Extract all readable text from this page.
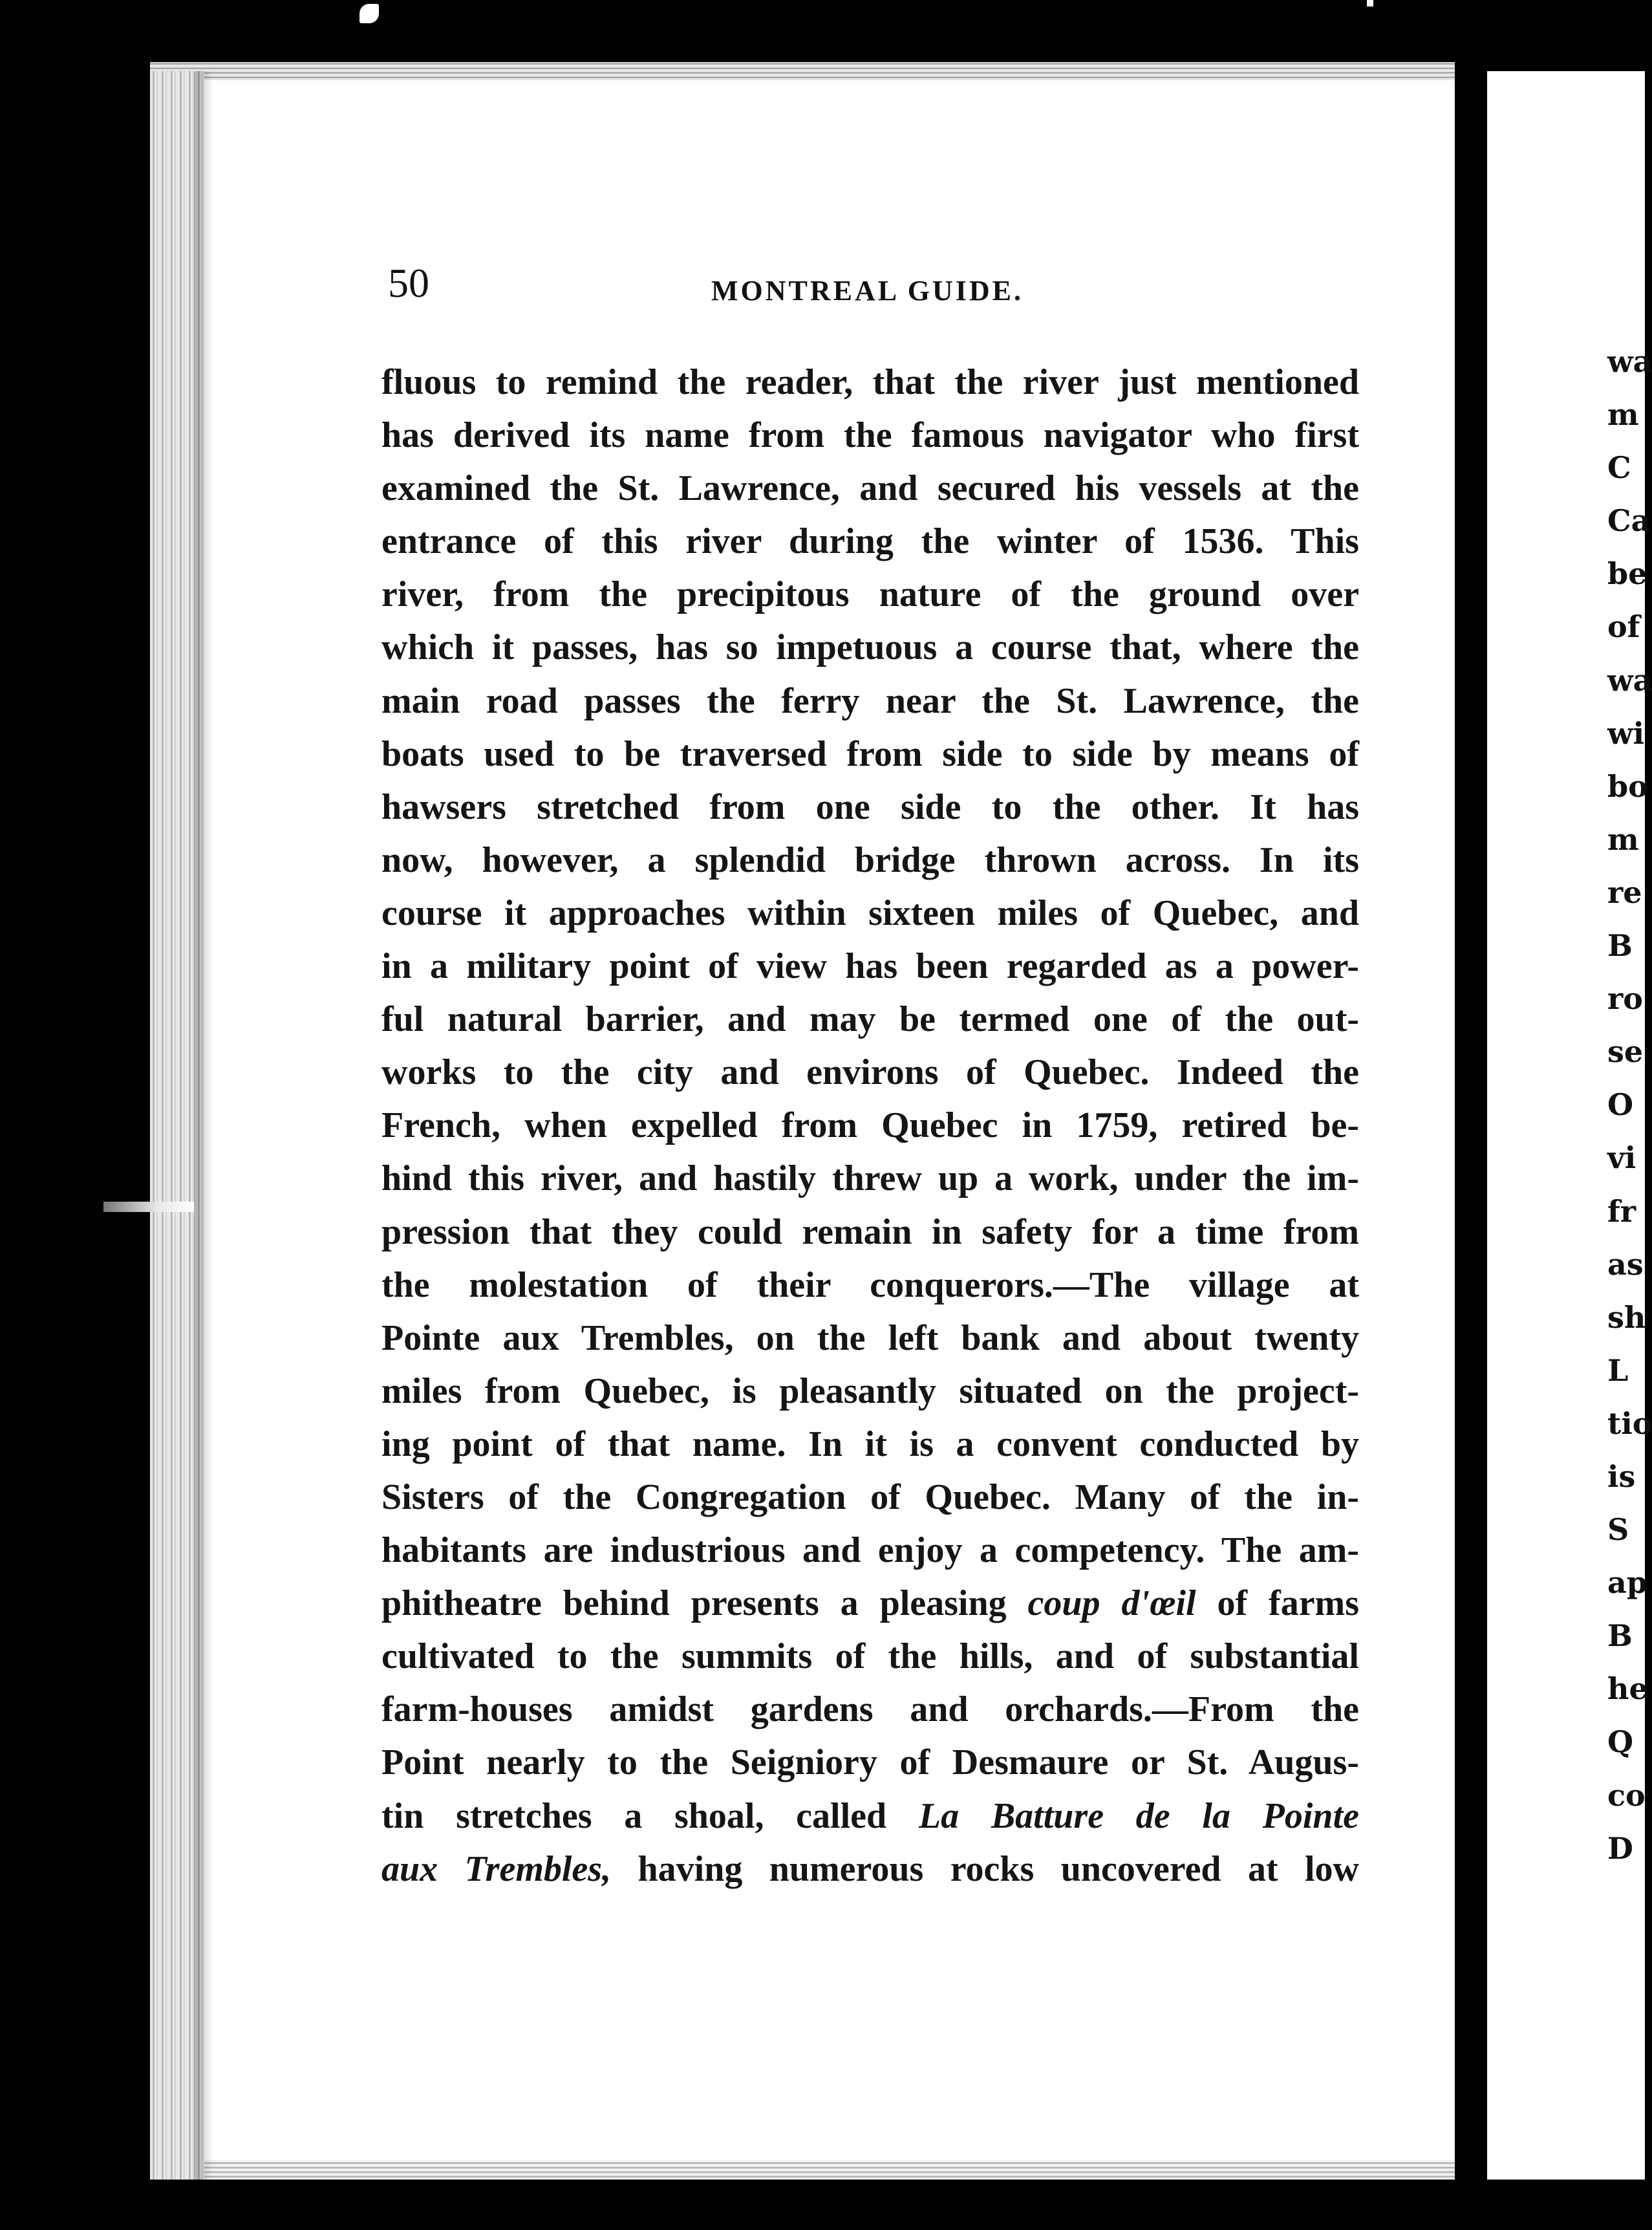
wa
m
C
Ca
be
of
wa
wi
bo
m
re
B
ro
se
O
vi
fr
as
sh
L
tio
is
S
ap
B
he
Q
co
D
50	MONTREAL GUIDE.
fluous to remind the reader, that the river just mentioned
has derived its name from the famous navigator who first
examined the St. Lawrence, and secured his vessels at the
entrance of this river during the winter of 1536. This
river, from the precipitous nature of the ground over
which it passes, has so impetuous a course that, where the
main road passes the ferry near the St. Lawrence, the
boats used to be traversed from side to side by means of
hawsers stretched from one side to the other. It has
now, however, a splendid bridge thrown across. In its
course it approaches within sixteen miles of Quebec, and
in a military point of view has been regarded as a power-
ful natural barrier, and may be termed one of the out-
works to the city and environs of Quebec. Indeed the
French, when expelled from Quebec in 1759, retired be-
hind this river, and hastily threw up a work, under the im-
pression that they could remain in safety for a time from
the molestation of their conquerors.—The village at
Pointe aux Trembles, on the left bank and about twenty
miles from Quebec, is pleasantly situated on the project-
ing point of that name. In it is a convent conducted by
Sisters of the Congregation of Quebec. Many of the in-
habitants are industrious and enjoy a competency. The am-
phitheatre behind presents a pleasing coup d'œil of farms
cultivated to the summits of the hills, and of substantial
farm-houses amidst gardens and orchards.—From the
Point nearly to the Seigniory of Desmaure or St. Augus-
tin stretches a shoal, called La Batture de la Pointe
aux Trembles, having numerous rocks uncovered at low
